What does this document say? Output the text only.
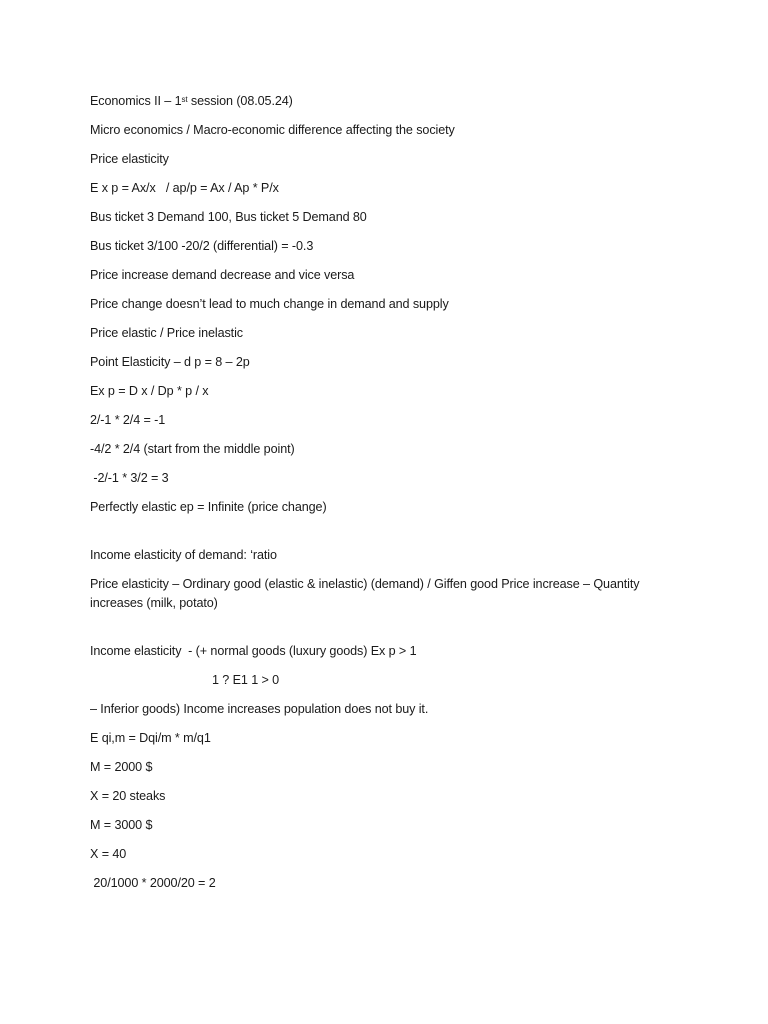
Economics II – 1st session (08.05.24)

Micro economics / Macro-economic difference affecting the society

Price elasticity

E x p = Ax/x   / ap/p = Ax / Ap * P/x

Bus ticket 3 Demand 100, Bus ticket 5 Demand 80

Bus ticket 3/100 -20/2 (differential) = -0.3

Price increase demand decrease and vice versa

Price change doesn’t lead to much change in demand and supply

Price elastic / Price inelastic

Point Elasticity – d p = 8 – 2p

Ex p = D x / Dp * p / x

2/-1 * 2/4 = -1

-4/2 * 2/4 (start from the middle point)

-2/-1 * 3/2 = 3

Perfectly elastic ep = Infinite (price change)

Income elasticity of demand: ‘ratio

Price elasticity – Ordinary good (elastic & inelastic) (demand) / Giffen good Price increase – Quantity increases (milk, potato)

Income elasticity  - (+ normal goods (luxury goods) Ex p > 1

1 ? E1 1 > 0

– Inferior goods) Income increases population does not buy it.

E qi,m = Dqi/m * m/q1

M = 2000 $

X = 20 steaks

M = 3000 $

X = 40

20/1000 * 2000/20 = 2
